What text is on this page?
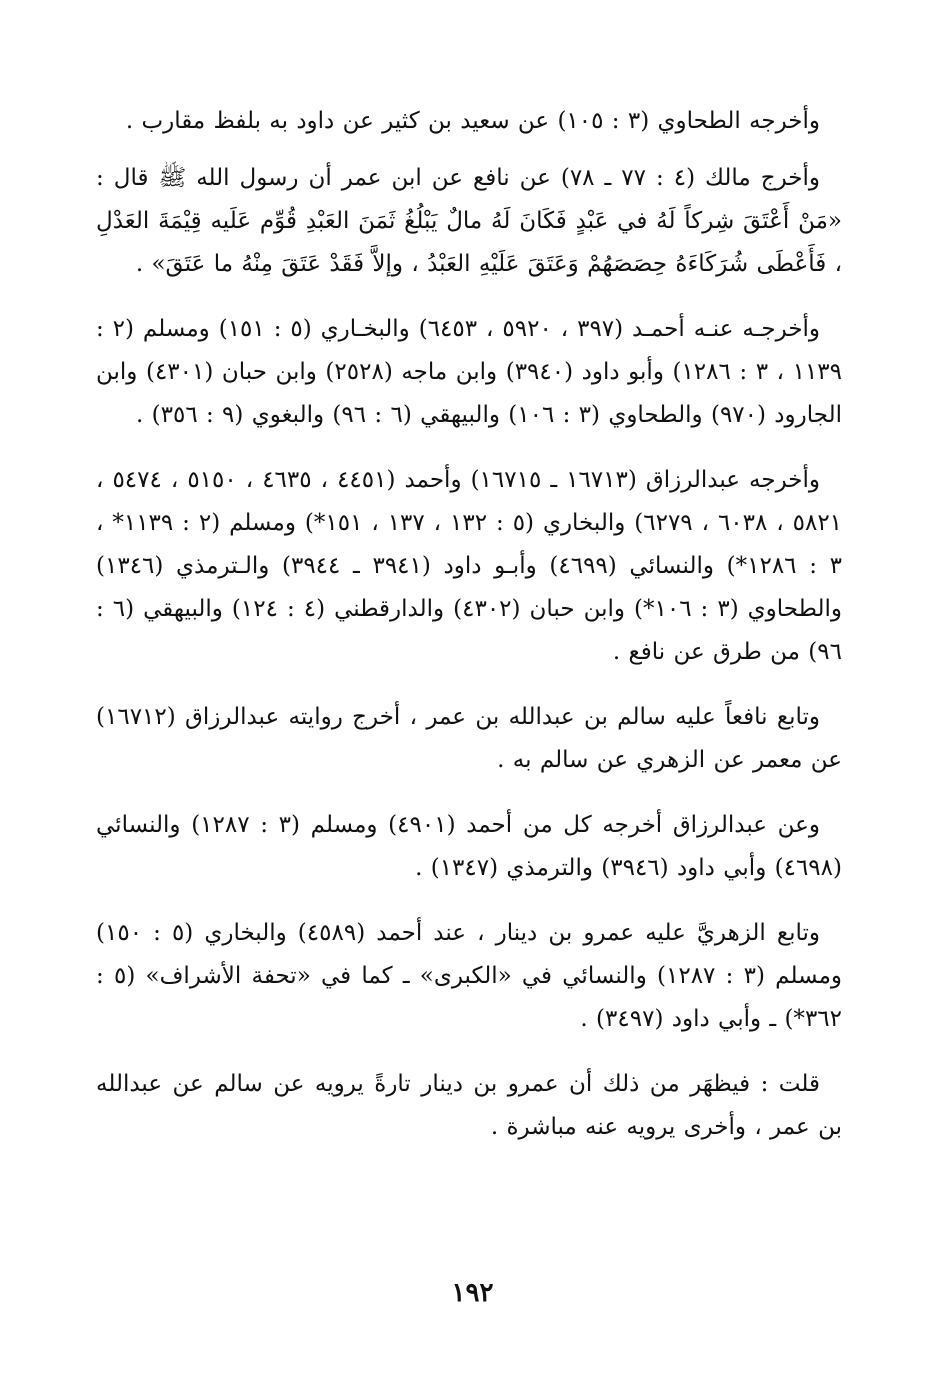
وأخرجه الطحاوي (٣ : ١٠٥) عن سعيد بن كثير عن داود به بلفظ مقارب .

وأخرج مالك (٤ : ٧٧ ـ ٧٨) عن نافع عن ابن عمر أن رسول الله ﷺ قال : «مَنْ أَعْتَقَ شِركاً لَهُ في عَبْدٍ فَكَانَ لَهُ مالٌ يَبْلُغُ ثَمَنَ العَبْدِ قُوِّم عَلَيه قِيْمَةَ العَدْلِ ، فَأَعْطَى شُرَكَاءَهُ حِصَصَهُمْ وَعَتَقَ عَلَيْهِ العَبْدُ ، وإلاَّ فَقَدْ عَتَقَ مِنْهُ ما عَتَقَ» .

وأخرجـه عنـه أحمـد (٣٩٧ ، ٥٩٢٠ ، ٦٤٥٣) والبخـاري (٥ : ١٥١) ومسلم (٢ : ١١٣٩ ، ٣ : ١٢٨٦) وأبو داود (٣٩٤٠) وابن ماجه (٢٥٢٨) وابن حبان (٤٣٠١) وابن الجارود (٩٧٠) والطحاوي (٣ : ١٠٦) والبيهقي (٦ : ٩٦) والبغوي (٩ : ٣٥٦) .

وأخرجه عبدالرزاق (١٦٧١٣ ـ ١٦٧١٥) وأحمد (٤٤٥١ ، ٤٦٣٥ ، ٥١٥٠ ، ٥٤٧٤ ، ٥٨٢١ ، ٦٠٣٨ ، ٦٢٧٩) والبخاري (٥ : ١٣٢ ، ١٣٧ ، ١٥١*) ومسلم (٢ : ١١٣٩* ، ٣ : ١٢٨٦*) والنسائي (٤٦٩٩) وأبـو داود (٣٩٤١ ـ ٣٩٤٤) والـترمذي (١٣٤٦) والطحاوي (٣ : ١٠٦*) وابن حبان (٤٣٠٢) والدارقطني (٤ : ١٢٤) والبيهقي (٦ : ٩٦) من طرق عن نافع .

وتابع نافعاً عليه سالم بن عبدالله بن عمر ، أخرج روايته عبدالرزاق (١٦٧١٢) عن معمر عن الزهري عن سالم به .

وعن عبدالرزاق أخرجه كل من أحمد (٤٩٠١) ومسلم (٣ : ١٢٨٧) والنسائي (٤٦٩٨) وأبي داود (٣٩٤٦) والترمذي (١٣٤٧) .

وتابع الزهريَّ عليه عمرو بن دينار ، عند أحمد (٤٥٨٩) والبخاري (٥ : ١٥٠) ومسلم (٣ : ١٢٨٧) والنسائي في «الكبرى» ـ كما في «تحفة الأشراف» (٥ : ٣٦٢*) ـ وأبي داود (٣٤٩٧) .

قلت : فيظهَر من ذلك أن عمرو بن دينار تارةً يرويه عن سالم عن عبدالله بن عمر ، وأخرى يرويه عنه مباشرة .

١٩٢
